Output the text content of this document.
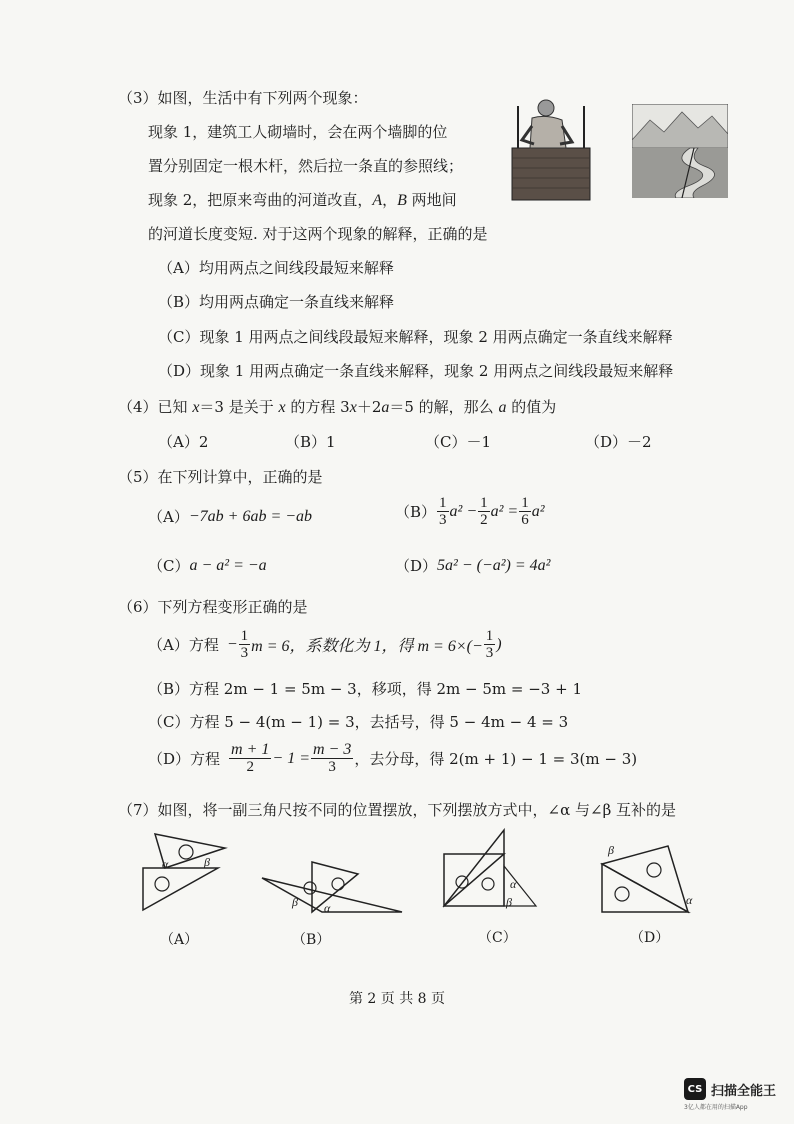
（3）如图，生活中有下列两个现象：
现象 1，建筑工人砌墙时，会在两个墙脚的位
置分别固定一根木杆，然后拉一条直的参照线；
现象 2，把原来弯曲的河道改直，A，B 两地间
的河道长度变短. 对于这两个现象的解释，正确的是
（A）均用两点之间线段最短来解释
（B）均用两点确定一条直线来解释
（C）现象 1 用两点之间线段最短来解释，现象 2 用两点确定一条直线来解释
（D）现象 1 用两点确定一条直线来解释，现象 2 用两点之间线段最短来解释
（4）已知 x＝3 是关于 x 的方程 3x＋2a＝5 的解，那么 a 的值为
（A）2	（B）1	（C）－1	（D）－2
（5）在下列计算中，正确的是
（A） −7ab + 6ab = −ab	$(B) \frac{1}{3} a^2 - \frac{1}{2} a^2 = \frac{1}{6} a^2$
（C） a − a² = −a	（D） 5a² − (−a²) = 4a²
（6）下列方程变形正确的是
（A）方程 − $\frac{1}{3}$ m = 6，系数化为 1，得 $m = 6\times(- \frac{1}{3}$ )
（B）方程 2m − 1 = 5m − 3，移项，得 2m − 5m = −3 + 1
（C）方程 5 − 4(m − 1) = 3，去括号，得 5 − 4m − 4 = 3
（D）方程 $\frac{m + 1}{2} - 1 = \frac{m - 3}{3}$ ，去分母，得 2(m + 1) − 1 = 3(m − 3)
（7）如图，将一副三角尺按不同的位置摆放，下列摆放方式中，∠α 与∠β 互补的是
α	β
（A）
β α
（B）
α
β
（C）
β
α
（D）
第 2 页 共 8 页
CS 扫描全能王
3亿人都在用的扫描App
